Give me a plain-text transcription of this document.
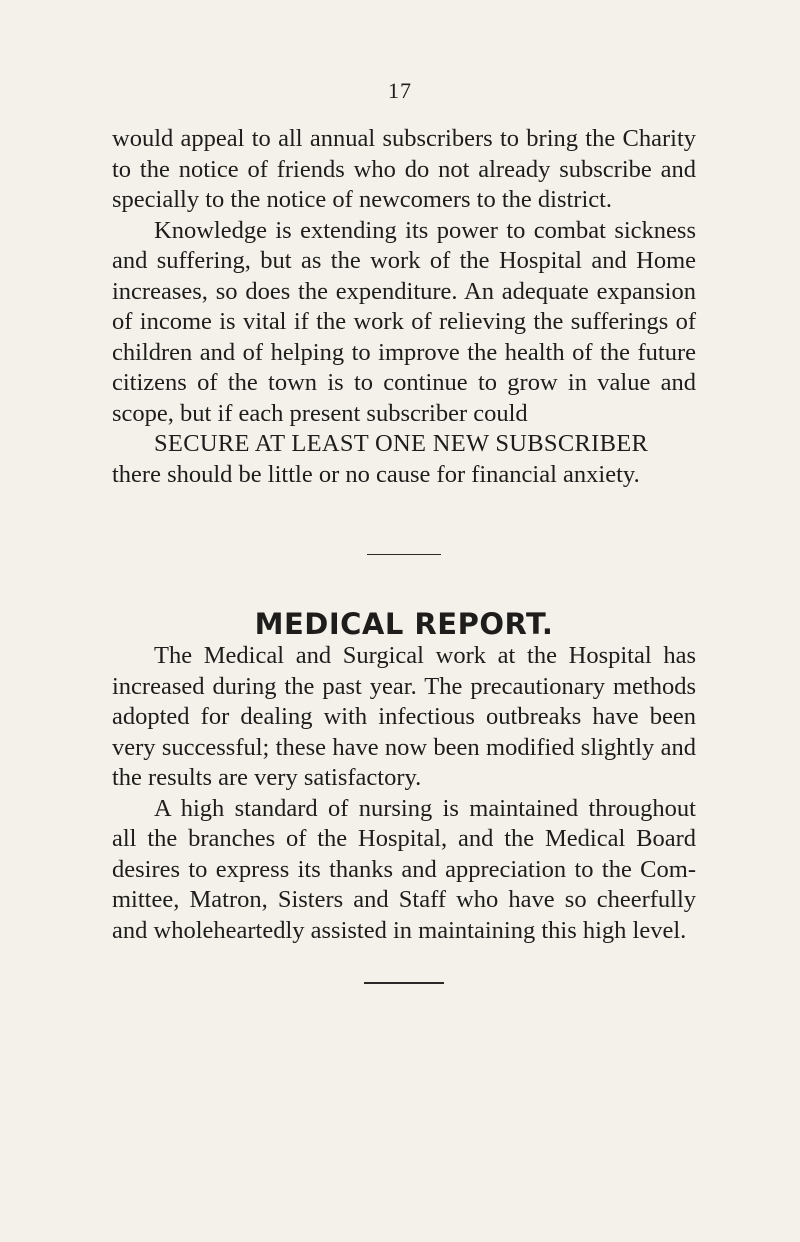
17

would appeal to all annual subscribers to bring the Charity to the notice of friends who do not already subscribe and specially to the notice of newcomers to the district.

Knowledge is extending its power to combat sickness and suffering, but as the work of the Hospital and Home increases, so does the expenditure. An adequate expansion of income is vital if the work of relieving the sufferings of children and of helping to improve the health of the future citizens of the town is to continue to grow in value and scope, but if each present subscriber could

SECURE AT LEAST ONE NEW SUBSCRIBER

there should be little or no cause for financial anxiety.

MEDICAL REPORT.

The Medical and Surgical work at the Hospital has increased during the past year. The precautionary methods adopted for dealing with infectious outbreaks have been very successful; these have now been modified slightly and the results are very satisfactory.

A high standard of nursing is maintained throughout all the branches of the Hospital, and the Medical Board desires to express its thanks and appreciation to the Committee, Matron, Sisters and Staff who have so cheerfully and wholeheartedly assisted in maintaining this high level.
